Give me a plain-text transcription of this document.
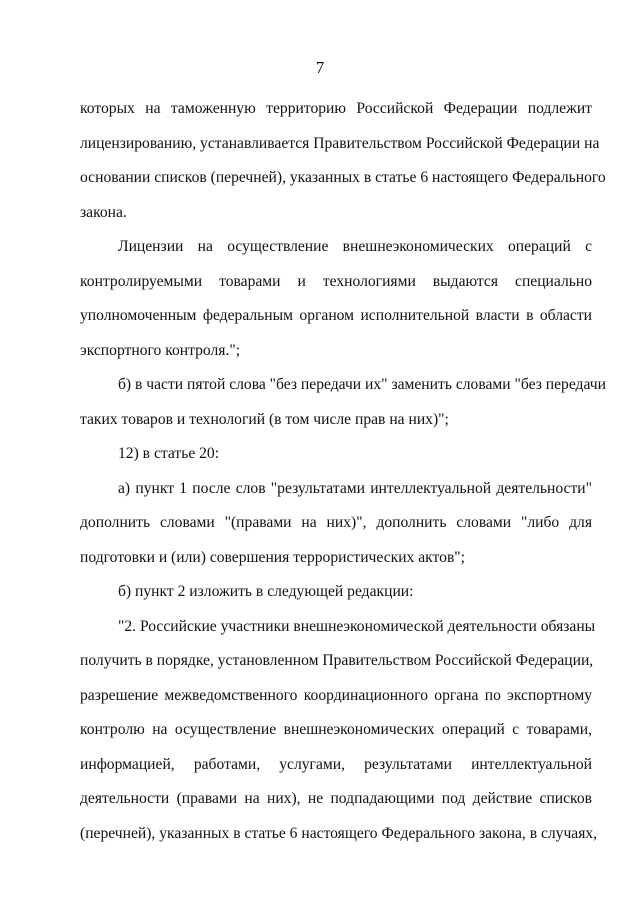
7
которых на таможенную территорию Российской Федерации подлежит
лицензированию, устанавливается Правительством Российской Федерации на
основании списков (перечней), указанных в статье 6 настоящего Федерального
закона.
Лицензии на осуществление внешнеэкономических операций с
контролируемыми товарами и технологиями выдаются специально
уполномоченным федеральным органом исполнительной власти в области
экспортного контроля.";
б) в части пятой слова "без передачи их" заменить словами "без передачи
таких товаров и технологий (в том числе прав на них)";
12) в статье 20:
а) пункт 1 после слов "результатами интеллектуальной деятельности"
дополнить словами "(правами на них)", дополнить словами "либо для
подготовки и (или) совершения террористических актов";
б) пункт 2 изложить в следующей редакции:
"2. Российские участники внешнеэкономической деятельности обязаны
получить в порядке, установленном Правительством Российской Федерации,
разрешение межведомственного координационного органа по экспортному
контролю на осуществление внешнеэкономических операций с товарами,
информацией, работами, услугами, результатами интеллектуальной
деятельности (правами на них), не подпадающими под действие списков
(перечней), указанных в статье 6 настоящего Федерального закона, в случаях,
